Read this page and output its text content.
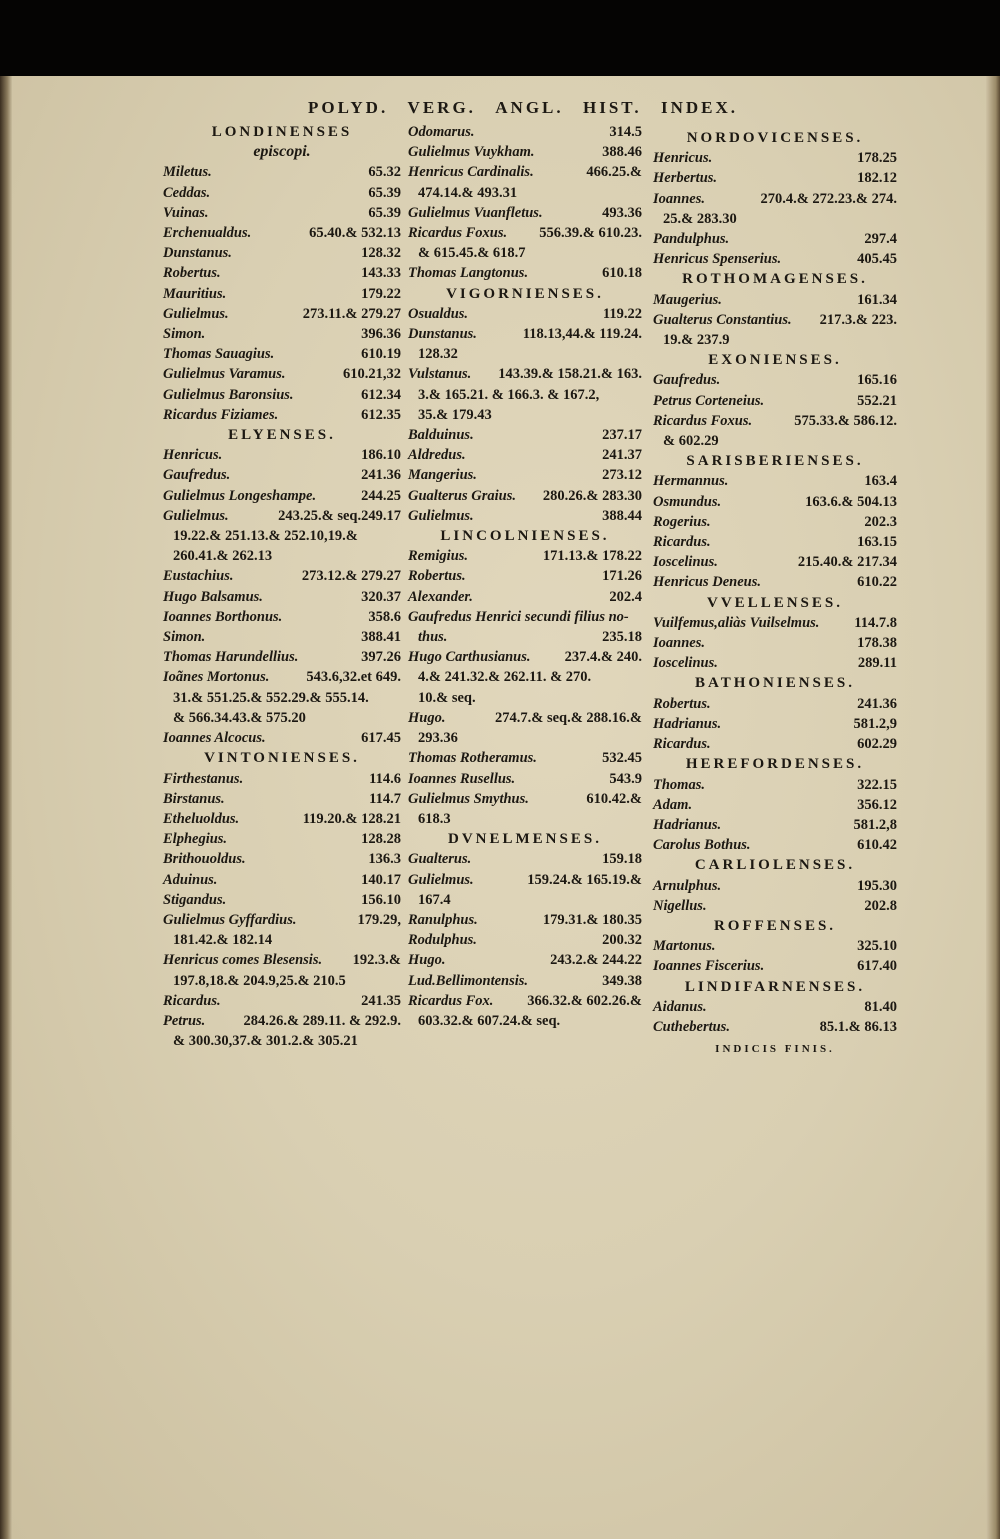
POLYD. VERG. ANGL. HIST. INDEX.
LONDINENSES
episcopi.
Miletus.	65.32
Ceddas.	65.39
Vuinas.	65.39
Erchenualdus.	65.40.& 532.13
Dunstanus.	128.32
Robertus.	143.33
Mauritius.	179.22
Gulielmus.	273.11.& 279.27
Simon.	396.36
Thomas Sauagius.	610.19
Gulielmus Varamus.	610.21,32
Gulielmus Baronsius.	612.34
Ricardus Fiziames.	612.35
ELYENSES.
Henricus.	186.10
Gaufredus.	241.36
Gulielmus Longeshampe.	244.25
Gulielmus.	243.25.& seq.249.17
19.22.& 251.13.& 252.10,19.&
260.41.& 262.13
Eustachius.	273.12.& 279.27
Hugo Balsamus.	320.37
Ioannes Borthonus.	358.6
Simon.	388.41
Thomas Harundellius.	397.26
Ioãnes Mortonus.	543.6,32.et 649.
31.& 551.25.& 552.29.& 555.14.
& 566.34.43.& 575.20
Ioannes Alcocus.	617.45
VINTONIENSES.
Firthestanus.	114.6
Birstanus.	114.7
Etheluoldus.	119.20.& 128.21
Elphegius.	128.28
Brithouoldus.	136.3
Aduinus.	140.17
Stigandus.	156.10
Gulielmus Gyffardius.	179.29,
181.42.& 182.14
Henricus comes Blesensis. 192.3.&
197.8,18.& 204.9,25.& 210.5
Ricardus.	241.35
Petrus.	284.26.& 289.11. & 292.9.
& 300.30,37.& 301.2.& 305.21
Odomarus.	314.5
Gulielmus Vuykham.	388.46
Henricus Cardinalis.	466.25.&
474.14.& 493.31
Gulielmus Vuanfletus.	493.36
Ricardus Foxus. 556.39.& 610.23.
& 615.45.& 618.7
Thomas Langtonus.	610.18
VIGORNIENSES.
Osualdus.	119.22
Dunstanus.	118.13,44.& 119.24.
128.32
Vulstanus. 143.39.& 158.21.& 163.
3.& 165.21. & 166.3. & 167.2,
35.& 179.43
Balduinus.	237.17
Aldredus.	241.37
Mangerius.	273.12
Gualterus Graius. 280.26.& 283.30
Gulielmus.	388.44
LINCOLNIENSES.
Remigius.	171.13.& 178.22
Robertus.	171.26
Alexander.	202.4
Gaufredus Henrici secundi filius no-
thus.	235.18
Hugo Carthusianus. 237.4.& 240.
4.& 241.32.& 262.11. & 270.
10.& seq.
Hugo.	274.7.& seq.& 288.16.&
293.36
Thomas Rotheramus.	532.45
Ioannes Rusellus.	543.9
Gulielmus Smythus.	610.42.&
618.3
DVNELMENSES.
Gualterus.	159.18
Gulielmus.	159.24.& 165.19.&
167.4
Ranulphus.	179.31.& 180.35
Rodulphus.	200.32
Hugo.	243.2.& 244.22
Lud.Bellimontensis.	349.38
Ricardus Fox. 366.32.& 602.26.&
603.32.& 607.24.& seq.
NORDOVICENSES.
Henricus.	178.25
Herbertus.	182.12
Ioannes.	270.4.& 272.23.& 274.
25.& 283.30
Pandulphus.	297.4
Henricus Spenserius.	405.45
ROTHOMAGENSES.
Maugerius.	161.34
Gualterus Constantius. 217.3.& 223.
19.& 237.9
EXONIENSES.
Gaufredus.	165.16
Petrus Corteneius.	552.21
Ricardus Foxus.	575.33.& 586.12.
& 602.29
SARISBERIENSES.
Hermannus.	163.4
Osmundus.	163.6.& 504.13
Rogerius.	202.3
Ricardus.	163.15
Ioscelinus.	215.40.& 217.34
Henricus Deneus.	610.22
VVELLENSES.
Vuilfemus,aliàs Vuilselmus. 114.7.8
Ioannes.	178.38
Ioscelinus.	289.11
BATHONIENSES.
Robertus.	241.36
Hadrianus.	581.2,9
Ricardus.	602.29
HEREFORDENSES.
Thomas.	322.15
Adam.	356.12
Hadrianus.	581.2,8
Carolus Bothus.	610.42
CARLIOLENSES.
Arnulphus.	195.30
Nigellus.	202.8
ROFFENSES.
Martonus.	325.10
Ioannes Fiscerius.	617.40
LINDIFARNENSES.
Aidanus.	81.40
Cuthebertus.	85.1.& 86.13
INDICIS FINIS.
